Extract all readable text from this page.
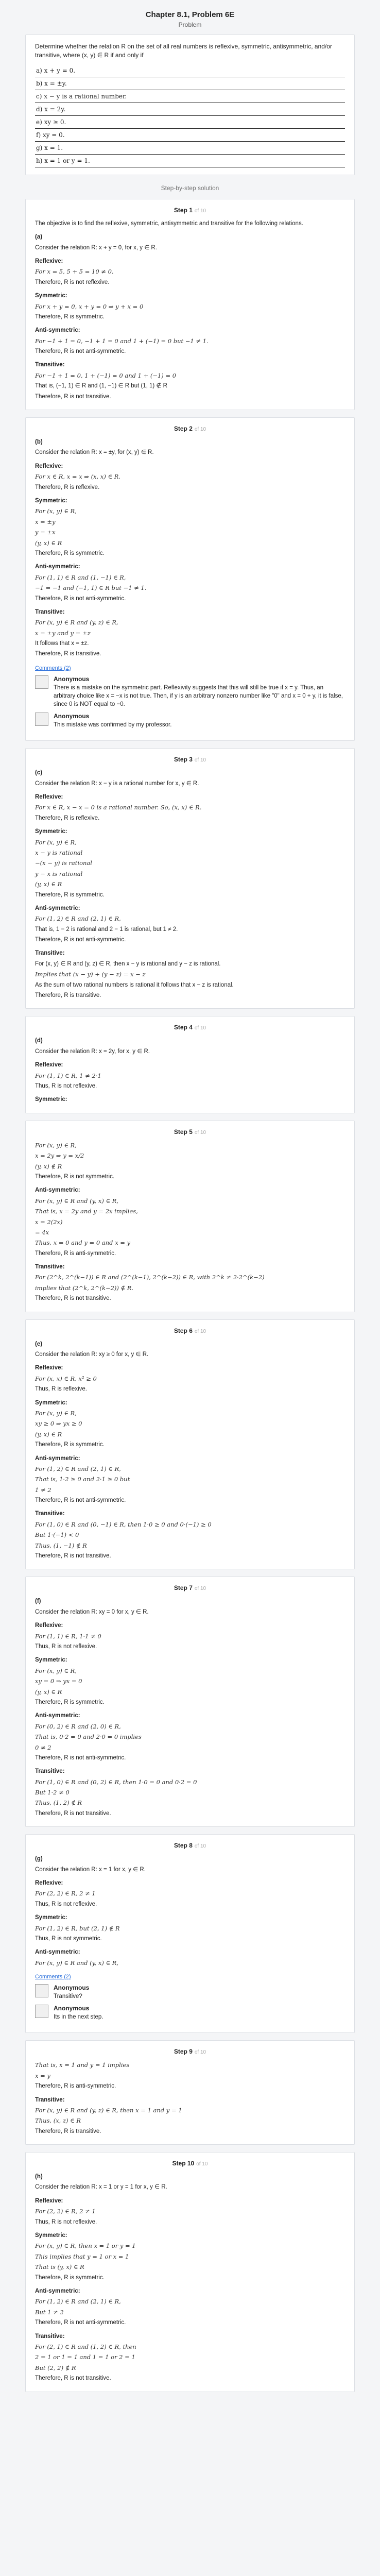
Chapter 8.1, Problem 6E
Problem
Determine whether the relation R on the set of all real numbers is reflexive, symmetric, antisymmetric, and/or transitive, where (x, y) ∈ R if and only if
a) x + y = 0.
b) x = ±y.
c) x − y is a rational number.
d) x = 2y.
e) xy ≥ 0.
f) xy = 0.
g) x = 1.
h) x = 1 or y = 1.
Step-by-step solution
Step 1 of 10
The objective is to find the reflexive, symmetric, antisymmetric and transitive for the following relations.
(a)
Consider the relation R: x + y = 0, for x, y ∈ R.
Reflexive:
For x = 5, 5 + 5 = 10 ≠ 0.
Therefore, R is not reflexive.
Symmetric:
For x + y = 0, x + y = 0 ⇒ y + x = 0
Therefore, R is symmetric.
Anti-symmetric:
For −1 + 1 = 0, −1 + 1 = 0 and 1 + (−1) = 0 but −1 ≠ 1.
Therefore, R is not anti-symmetric.
Transitive:
For −1 + 1 = 0, 1 + (−1) = 0 and 1 + (−1) = 0
That is, (−1, 1) ∈ R and (1, −1) ∈ R but (1, 1) ∉ R
Therefore, R is not transitive.
Step 2 of 10
(b)
Consider the relation R: x = ±y, for (x, y) ∈ R.
Reflexive:
For x ∈ R, x = x ⇒ (x, x) ∈ R.
Therefore, R is reflexive.
Symmetric:
For (x, y) ∈ R,
x = ±y
y = ±x
(y, x) ∈ R
Therefore, R is symmetric.
Anti-symmetric:
For (1, 1) ∈ R and (1, −1) ∈ R,
−1 = −1 and (−1, 1) ∈ R but −1 ≠ 1.
Therefore, R is not anti-symmetric.
Transitive:
For (x, y) ∈ R and (y, z) ∈ R,
x = ±y and y = ±z
It follows that x = ±z.
Therefore, R is transitive.
Comments (2)
Anonymous
There is a mistake on the symmetric part. Reflexivity suggests that this will still be true if x = y. Thus, an arbitrary choice like x = −x is not true. Then, if y is an arbitrary nonzero number like "0" and x = 0 + y, it is false, since 0 is NOT equal to −0.
Anonymous
This mistake was confirmed by my professor.
Step 3 of 10
(c)
Consider the relation R: x − y is a rational number for x, y ∈ R.
Reflexive:
For x ∈ R, x − x = 0 is a rational number. So, (x, x) ∈ R.
Therefore, R is reflexive.
Symmetric:
For (x, y) ∈ R,
x − y is rational
−(x − y) is rational
y − x is rational
(y, x) ∈ R
Therefore, R is symmetric.
Anti-symmetric:
For (1, 2) ∈ R and (2, 1) ∈ R,
That is, 1 − 2 is rational and 2 − 1 is rational, but 1 ≠ 2.
Therefore, R is not anti-symmetric.
Transitive:
For (x, y) ∈ R and (y, z) ∈ R, then x − y is rational and y − z is rational.
Implies that (x − y) + (y − z) = x − z
As the sum of two rational numbers is rational it follows that x − z is rational.
Therefore, R is transitive.
Step 4 of 10
(d)
Consider the relation R: x = 2y, for x, y ∈ R.
Reflexive:
For (1, 1) ∈ R, 1 ≠ 2·1
Thus, R is not reflexive.
Symmetric:
Step 5 of 10
For (x, y) ∈ R,
x = 2y ⇒ y = x/2
(y, x) ∉ R
Therefore, R is not symmetric.
Anti-symmetric:
For (x, y) ∈ R and (y, x) ∈ R,
That is, x = 2y and y = 2x implies,
x = 2(2x)
= 4x
Thus, x = 0 and y = 0 and x = y
Therefore, R is anti-symmetric.
Transitive:
For (2^k, 2^(k−1)) ∈ R and (2^(k−1), 2^(k−2)) ∈ R, with 2^k ≠ 2·2^(k−2)
implies that (2^k, 2^(k−2)) ∉ R.
Therefore, R is not transitive.
Step 6 of 10
(e)
Consider the relation R: xy ≥ 0 for x, y ∈ R.
Reflexive:
For (x, x) ∈ R, x² ≥ 0
Thus, R is reflexive.
Symmetric:
For (x, y) ∈ R,
xy ≥ 0 ⇒ yx ≥ 0
(y, x) ∈ R
Therefore, R is symmetric.
Anti-symmetric:
For (1, 2) ∈ R and (2, 1) ∈ R,
That is, 1·2 ≥ 0 and 2·1 ≥ 0 but
1 ≠ 2
Therefore, R is not anti-symmetric.
Transitive:
For (1, 0) ∈ R and (0, −1) ∈ R, then 1·0 ≥ 0 and 0·(−1) ≥ 0
But 1·(−1) < 0
Thus, (1, −1) ∉ R
Therefore, R is not transitive.
Step 7 of 10
(f)
Consider the relation R: xy = 0 for x, y ∈ R.
Reflexive:
For (1, 1) ∈ R, 1·1 ≠ 0
Thus, R is not reflexive.
Symmetric:
For (x, y) ∈ R,
xy = 0 ⇒ yx = 0
(y, x) ∈ R
Therefore, R is symmetric.
Anti-symmetric:
For (0, 2) ∈ R and (2, 0) ∈ R,
That is, 0·2 = 0 and 2·0 = 0 implies
0 ≠ 2
Therefore, R is not anti-symmetric.
Transitive:
For (1, 0) ∈ R and (0, 2) ∈ R, then 1·0 = 0 and 0·2 = 0
But 1·2 ≠ 0
Thus, (1, 2) ∉ R
Therefore, R is not transitive.
Step 8 of 10
(g)
Consider the relation R: x = 1 for x, y ∈ R.
Reflexive:
For (2, 2) ∈ R, 2 ≠ 1
Thus, R is not reflexive.
Symmetric:
For (1, 2) ∈ R, but (2, 1) ∉ R
Thus, R is not symmetric.
Anti-symmetric:
For (x, y) ∈ R and (y, x) ∈ R,
Comments (2)
Anonymous
Transitive?
Anonymous
Its in the next step.
Step 9 of 10
That is, x = 1 and y = 1 implies
x = y
Therefore, R is anti-symmetric.
Transitive:
For (x, y) ∈ R and (y, z) ∈ R, then x = 1 and y = 1
Thus, (x, z) ∈ R
Therefore, R is transitive.
Step 10 of 10
(h)
Consider the relation R: x = 1 or y = 1 for x, y ∈ R.
Reflexive:
For (2, 2) ∈ R, 2 ≠ 1
Thus, R is not reflexive.
Symmetric:
For (x, y) ∈ R, then x = 1 or y = 1
This implies that y = 1 or x = 1
That is (y, x) ∈ R
Therefore, R is symmetric.
Anti-symmetric:
For (1, 2) ∈ R and (2, 1) ∈ R,
But 1 ≠ 2
Therefore, R is not anti-symmetric.
Transitive:
For (2, 1) ∈ R and (1, 2) ∈ R, then
2 = 1 or 1 = 1 and 1 = 1 or 2 = 1
But (2, 2) ∉ R
Therefore, R is not transitive.
